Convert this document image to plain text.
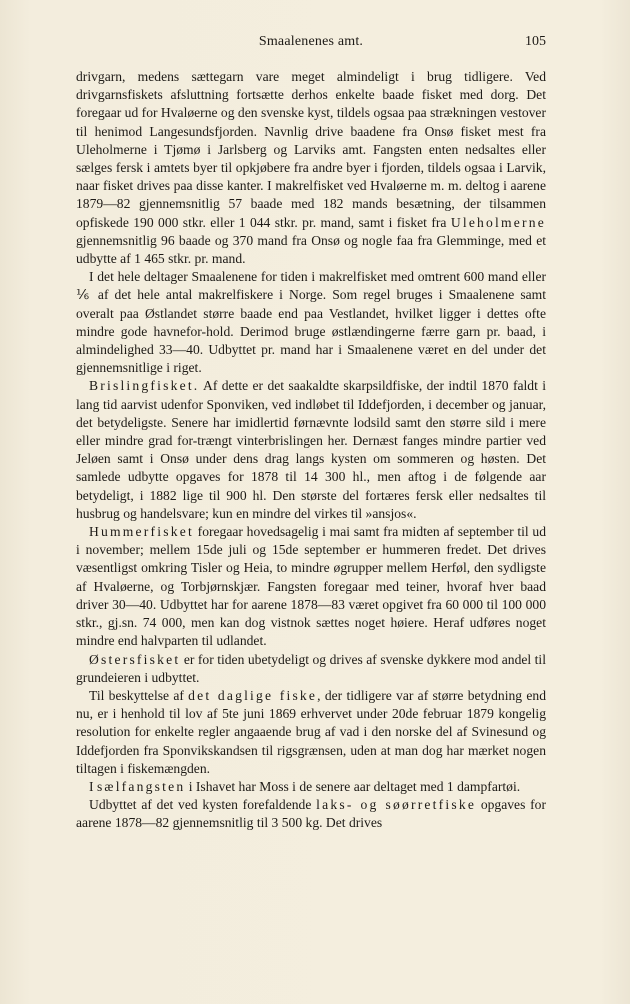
Smaalenenes amt.	105

drivgarn, medens sættegarn vare meget almindeligt i brug tidligere. Ved drivgarnsfiskets afsluttning fortsætte derhos enkelte baade fisket med dorg. Det foregaar ud for Hvaløerne og den svenske kyst, tildels ogsaa paa strækningen vestover til henimod Langesundsfjorden. Navnlig drive baadene fra Onsø fisket mest fra Uleholmerne i Tjømø i Jarlsberg og Larviks amt. Fangsten enten nedsaltes eller sælges fersk i amtets byer til opkjøbere fra andre byer i fjorden, tildels ogsaa i Larvik, naar fisket drives paa disse kanter. I makrelfisket ved Hvaløerne m. m. deltog i aarene 1879—82 gjennemsnitlig 57 baade med 182 mands besætning, der tilsammen opfiskede 190 000 stkr. eller 1 044 stkr. pr. mand, samt i fisket fra Uleholmerne gjennemsnitlig 96 baade og 370 mand fra Onsø og nogle faa fra Glemminge, med et udbytte af 1 465 stkr. pr. mand.

I det hele deltager Smaalenene for tiden i makrelfisket med omtrent 600 mand eller ⅙ af det hele antal makrelfiskere i Norge. Som regel bruges i Smaalenene samt overalt paa Østlandet større baade end paa Vestlandet, hvilket ligger i dettes ofte mindre gode havnefor-hold. Derimod bruge østlændingerne færre garn pr. baad, i almindelighed 33—40. Udbyttet pr. mand har i Smaalenene været en del under det gjennemsnitlige i riget.

Brislingfisket. Af dette er det saakaldte skarpsildfiske, der indtil 1870 faldt i lang tid aarvist udenfor Sponviken, ved indløbet til Iddefjorden, i december og januar, det betydeligste. Senere har imidlertid førnævnte lodsild samt den større sild i mere eller mindre grad for-trængt vinterbrislingen her. Dernæst fanges mindre partier ved Jeløen samt i Onsø under dens drag langs kysten om sommeren og høsten. Det samlede udbytte opgaves for 1878 til 14 300 hl., men aftog i de følgende aar betydeligt, i 1882 lige til 900 hl. Den største del fortæres fersk eller nedsaltes til husbrug og handelsvare; kun en mindre del virkes til »ansjos«.

Hummerfisket foregaar hovedsagelig i mai samt fra midten af september til ud i november; mellem 15de juli og 15de september er hummeren fredet. Det drives væsentligst omkring Tisler og Heia, to mindre øgrupper mellem Herføl, den sydligste af Hvaløerne, og Torbjørnskjær. Fangsten foregaar med teiner, hvoraf hver baad driver 30—40. Udbyttet har for aarene 1878—83 været opgivet fra 60 000 til 100 000 stkr., gj.sn. 74 000, men kan dog vistnok sættes noget høiere. Heraf udføres noget mindre end halvparten til udlandet.

Østersfisket er for tiden ubetydeligt og drives af svenske dykkere mod andel til grundeieren i udbyttet.

Til beskyttelse af det daglige fiske, der tidligere var af større betydning end nu, er i henhold til lov af 5te juni 1869 erhvervet under 20de februar 1879 kongelig resolution for enkelte regler angaaende brug af vad i den norske del af Svinesund og Iddefjorden fra Sponvikskandsen til rigsgrænsen, uden at man dog har mærket nogen tiltagen i fiskemængden.

I sælfangsten i Ishavet har Moss i de senere aar deltaget med 1 dampfartøi.

Udbyttet af det ved kysten forefaldende laks- og søørretfiske opgaves for aarene 1878—82 gjennemsnitlig til 3 500 kg. Det drives
